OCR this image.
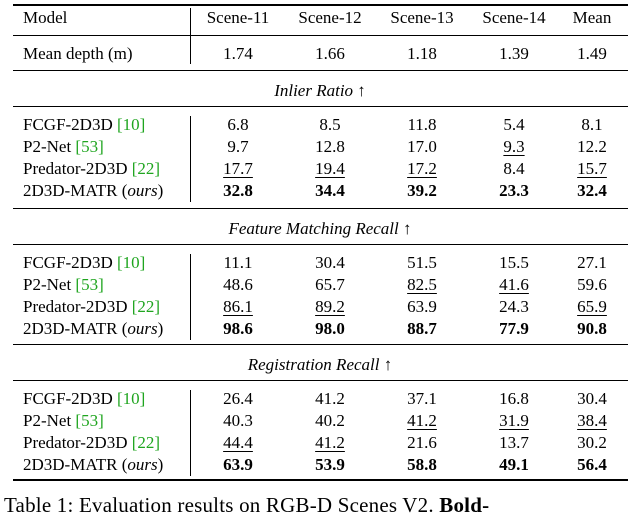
Model	Scene-11 Scene-12 Scene-13 Scene-14 Mean
Mean depth (m)	1.74	1.66	1.18	1.39	1.49
Inlier Ratio ↑
FCGF-2D3D [10]	6.8	8.5	11.8	5.4	8.1
P2-Net [53]	9.7	12.8	17.0	9.3	12.2
Predator-2D3D [22]	17.7	19.4	17.2	8.4	15.7
2D3D-MATR (ours)	32.8	34.4	39.2	23.3	32.4
Feature Matching Recall ↑
FCGF-2D3D [10]	11.1	30.4	51.5	15.5	27.1
P2-Net [53]	48.6	65.7	82.5	41.6	59.6
Predator-2D3D [22]	86.1	89.2	63.9	24.3	65.9
2D3D-MATR (ours)	98.6	98.0	88.7	77.9	90.8
Registration Recall ↑
FCGF-2D3D [10]	26.4	41.2	37.1	16.8	30.4
P2-Net [53]	40.3	40.2	41.2	31.9	38.4
Predator-2D3D [22]	44.4	41.2	21.6	13.7	30.2
2D3D-MATR (ours)	63.9	53.9	58.8	49.1	56.4
Table 1: Evaluation results on RGB-D Scenes V2. Bold-
